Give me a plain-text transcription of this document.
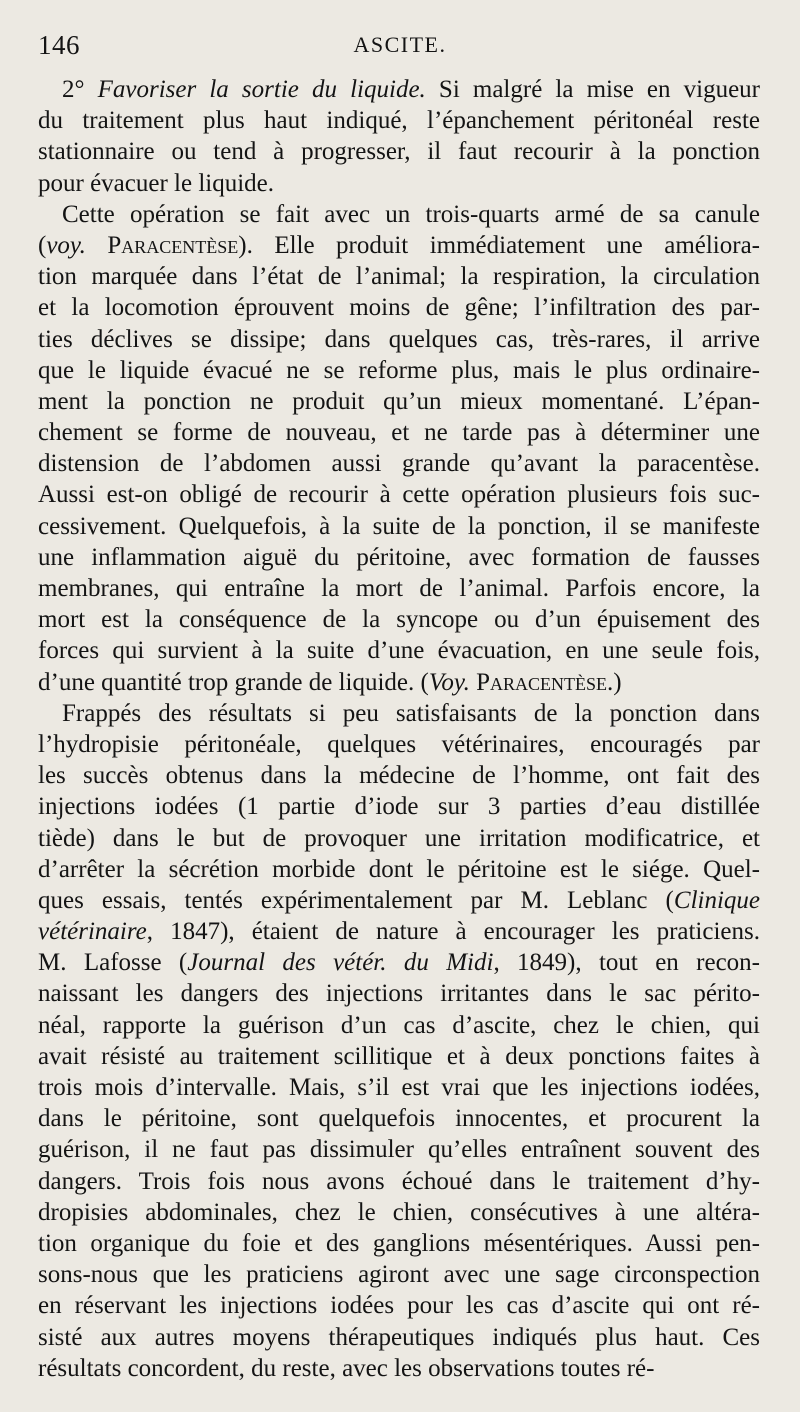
146	ASCITE.
2° Favoriser la sortie du liquide. Si malgré la mise en vigueur
du traitement plus haut indiqué, l’épanchement péritonéal reste
stationnaire ou tend à progresser, il faut recourir à la ponction
pour évacuer le liquide.
Cette opération se fait avec un trois-quarts armé de sa canule
(voy. Paracentèse). Elle produit immédiatement une améliora-
tion marquée dans l’état de l’animal; la respiration, la circulation
et la locomotion éprouvent moins de gêne; l’infiltration des par-
ties déclives se dissipe; dans quelques cas, très-rares, il arrive
que le liquide évacué ne se reforme plus, mais le plus ordinaire-
ment la ponction ne produit qu’un mieux momentané. L’épan-
chement se forme de nouveau, et ne tarde pas à déterminer une
distension de l’abdomen aussi grande qu’avant la paracentèse.
Aussi est-on obligé de recourir à cette opération plusieurs fois suc-
cessivement. Quelquefois, à la suite de la ponction, il se manifeste
une inflammation aiguë du péritoine, avec formation de fausses
membranes, qui entraîne la mort de l’animal. Parfois encore, la
mort est la conséquence de la syncope ou d’un épuisement des
forces qui survient à la suite d’une évacuation, en une seule fois,
d’une quantité trop grande de liquide. (Voy. Paracentèse.)
Frappés des résultats si peu satisfaisants de la ponction dans
l’hydropisie péritonéale, quelques vétérinaires, encouragés par
les succès obtenus dans la médecine de l’homme, ont fait des
injections iodées (1 partie d’iode sur 3 parties d’eau distillée
tiède) dans le but de provoquer une irritation modificatrice, et
d’arrêter la sécrétion morbide dont le péritoine est le siége. Quel-
ques essais, tentés expérimentalement par M. Leblanc (Clinique
vétérinaire, 1847), étaient de nature à encourager les praticiens.
M. Lafosse (Journal des vétér. du Midi, 1849), tout en recon-
naissant les dangers des injections irritantes dans le sac périto-
néal, rapporte la guérison d’un cas d’ascite, chez le chien, qui
avait résisté au traitement scillitique et à deux ponctions faites à
trois mois d’intervalle. Mais, s’il est vrai que les injections iodées,
dans le péritoine, sont quelquefois innocentes, et procurent la
guérison, il ne faut pas dissimuler qu’elles entraînent souvent des
dangers. Trois fois nous avons échoué dans le traitement d’hy-
dropisies abdominales, chez le chien, consécutives à une altéra-
tion organique du foie et des ganglions mésentériques. Aussi pen-
sons-nous que les praticiens agiront avec une sage circonspection
en réservant les injections iodées pour les cas d’ascite qui ont ré-
sisté aux autres moyens thérapeutiques indiqués plus haut. Ces
résultats concordent, du reste, avec les observations toutes ré-
